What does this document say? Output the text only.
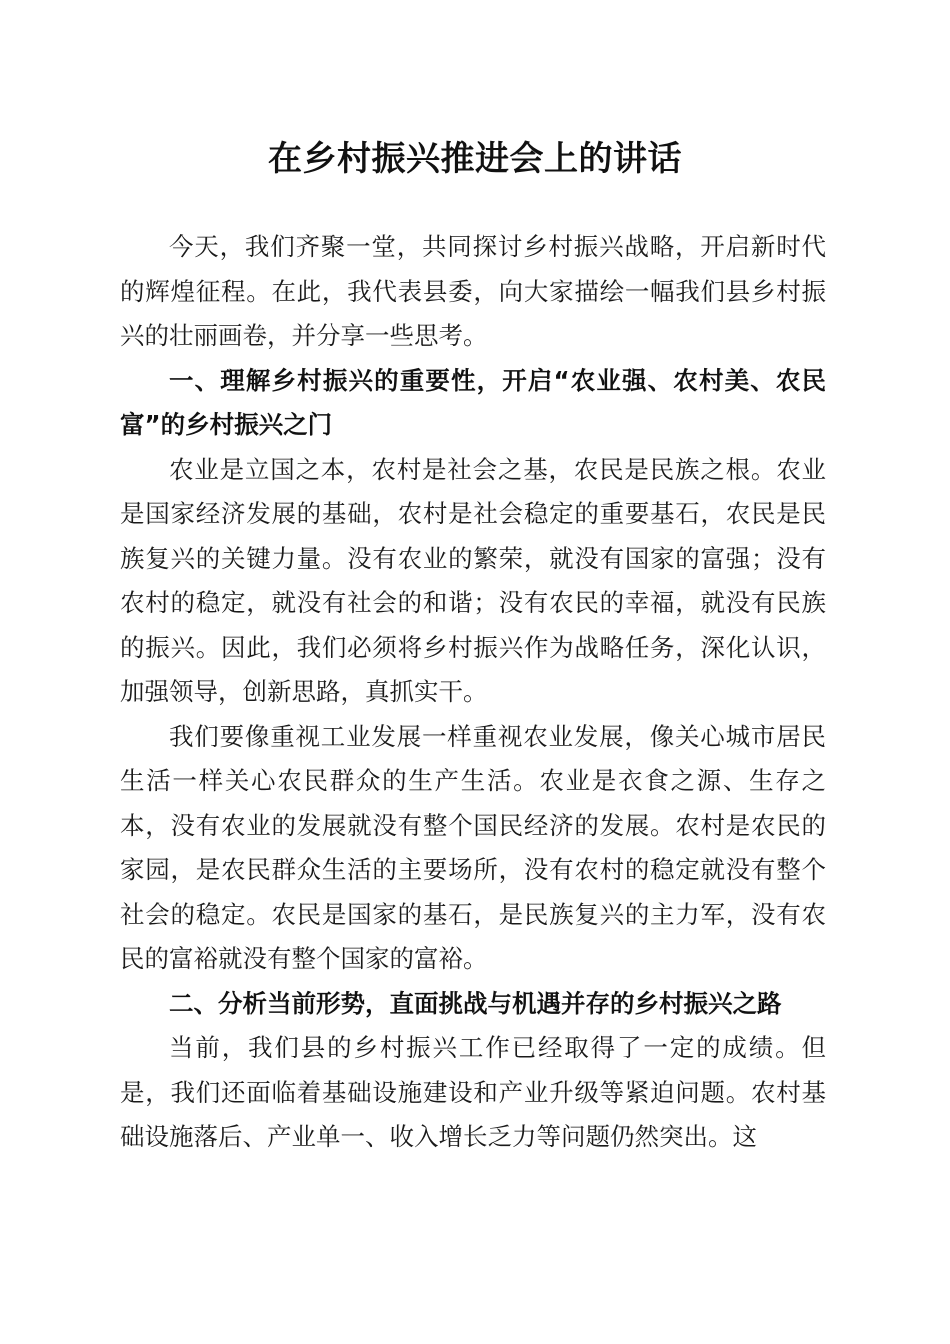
在乡村振兴推进会上的讲话

今天，我们齐聚一堂，共同探讨乡村振兴战略，开启新时代的辉煌征程。在此，我代表县委，向大家描绘一幅我们县乡村振兴的壮丽画卷，并分享一些思考。

一、理解乡村振兴的重要性，开启“农业强、农村美、农民富”的乡村振兴之门

农业是立国之本，农村是社会之基，农民是民族之根。农业是国家经济发展的基础，农村是社会稳定的重要基石，农民是民族复兴的关键力量。没有农业的繁荣，就没有国家的富强；没有农村的稳定，就没有社会的和谐；没有农民的幸福，就没有民族的振兴。因此，我们必须将乡村振兴作为战略任务，深化认识，加强领导，创新思路，真抓实干。

我们要像重视工业发展一样重视农业发展，像关心城市居民生活一样关心农民群众的生产生活。农业是衣食之源、生存之本，没有农业的发展就没有整个国民经济的发展。农村是农民的家园，是农民群众生活的主要场所，没有农村的稳定就没有整个社会的稳定。农民是国家的基石，是民族复兴的主力军，没有农民的富裕就没有整个国家的富裕。

二、分析当前形势，直面挑战与机遇并存的乡村振兴之路

当前，我们县的乡村振兴工作已经取得了一定的成绩。但是，我们还面临着基础设施建设和产业升级等紧迫问题。农村基础设施落后、产业单一、收入增长乏力等问题仍然突出。这
